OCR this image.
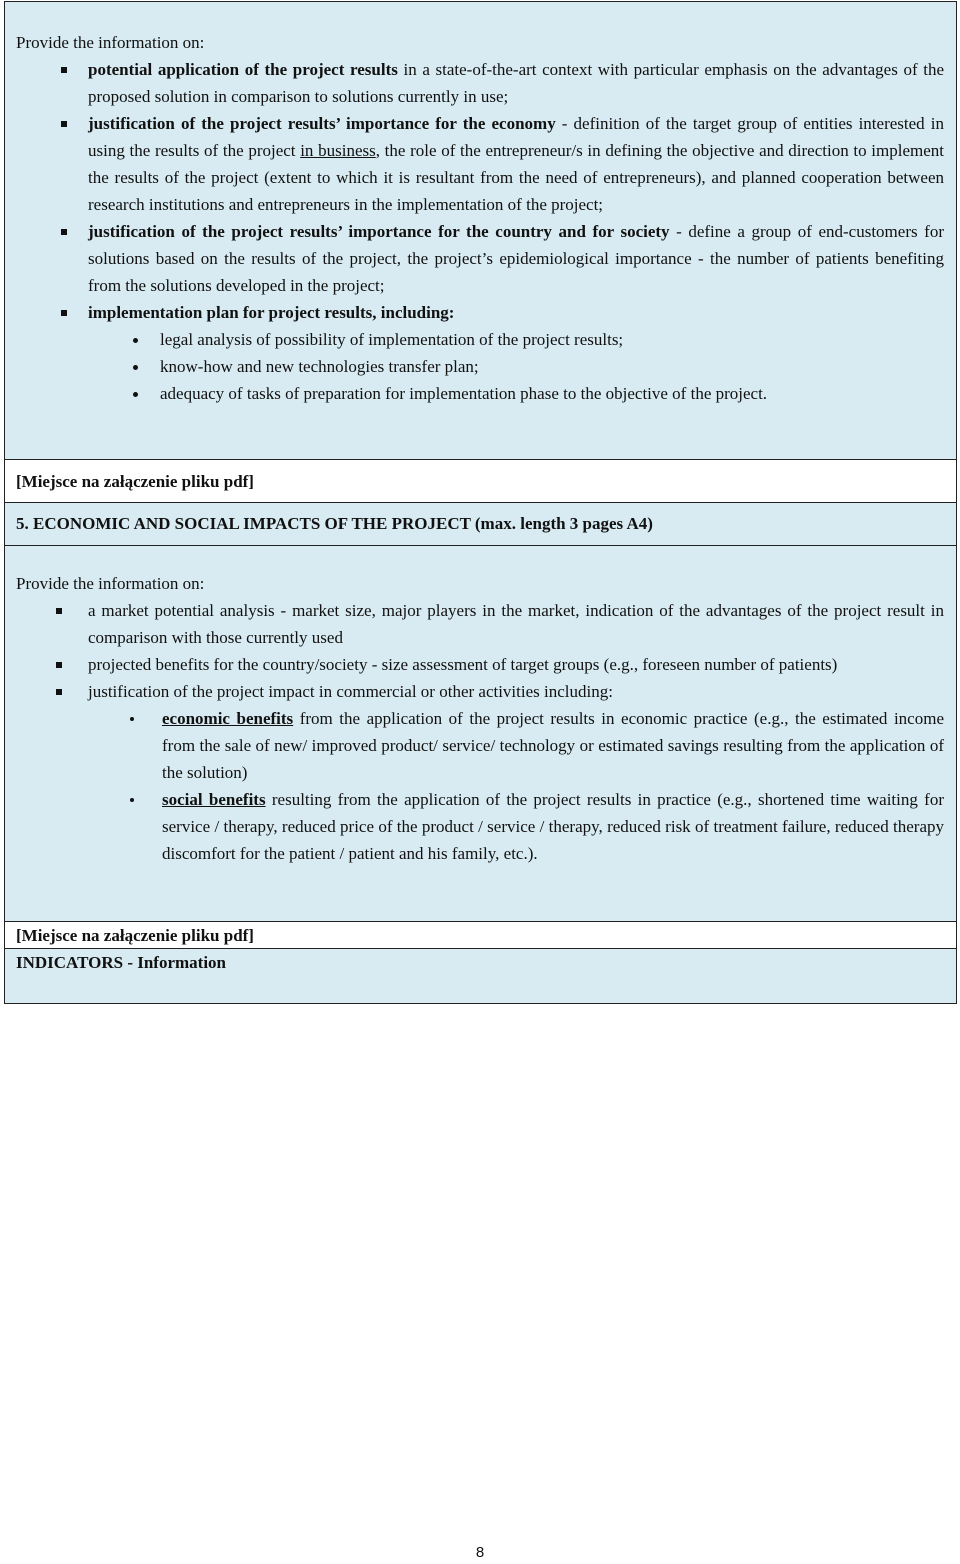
Provide the information on:

potential application of the project results in a state-of-the-art context with particular emphasis on the advantages of the proposed solution in comparison to solutions currently in use;
justification of the project results’ importance for the economy - definition of the target group of entities interested in using the results of the project in business, the role of the entrepreneur/s in defining the objective and direction to implement the results of the project (extent to which it is resultant from the need of entrepreneurs), and planned cooperation between research institutions and entrepreneurs in the implementation of the project;
justification of the project results’ importance for the country and for society - define a group of end-customers for solutions based on the results of the project, the project’s epidemiological importance - the number of patients benefiting from the solutions developed in the project;
implementation plan for project results, including:
legal analysis of possibility of implementation of the project results;
know-how and new technologies transfer plan;
adequacy of tasks of preparation for implementation phase to the objective of the project.
[Miejsce na załączenie pliku pdf]
5. ECONOMIC AND SOCIAL IMPACTS OF THE PROJECT (max. length 3 pages A4)

Provide the information on:

a market potential analysis - market size, major players in the market, indication of the advantages of the project result in comparison with those currently used
projected benefits for the country/society - size assessment of target groups (e.g., foreseen number of patients)
justification of the project impact in commercial or other activities including:
economic benefits from the application of the project results in economic practice (e.g., the estimated income from the sale of new/ improved product/ service/ technology or estimated savings resulting from the application of the solution)
social benefits resulting from the application of the project results in practice (e.g., shortened time waiting for service / therapy, reduced price of the product / service / therapy, reduced risk of treatment failure, reduced therapy discomfort for the patient / patient and his family, etc.).
[Miejsce na załączenie pliku pdf]
INDICATORS - Information
8
